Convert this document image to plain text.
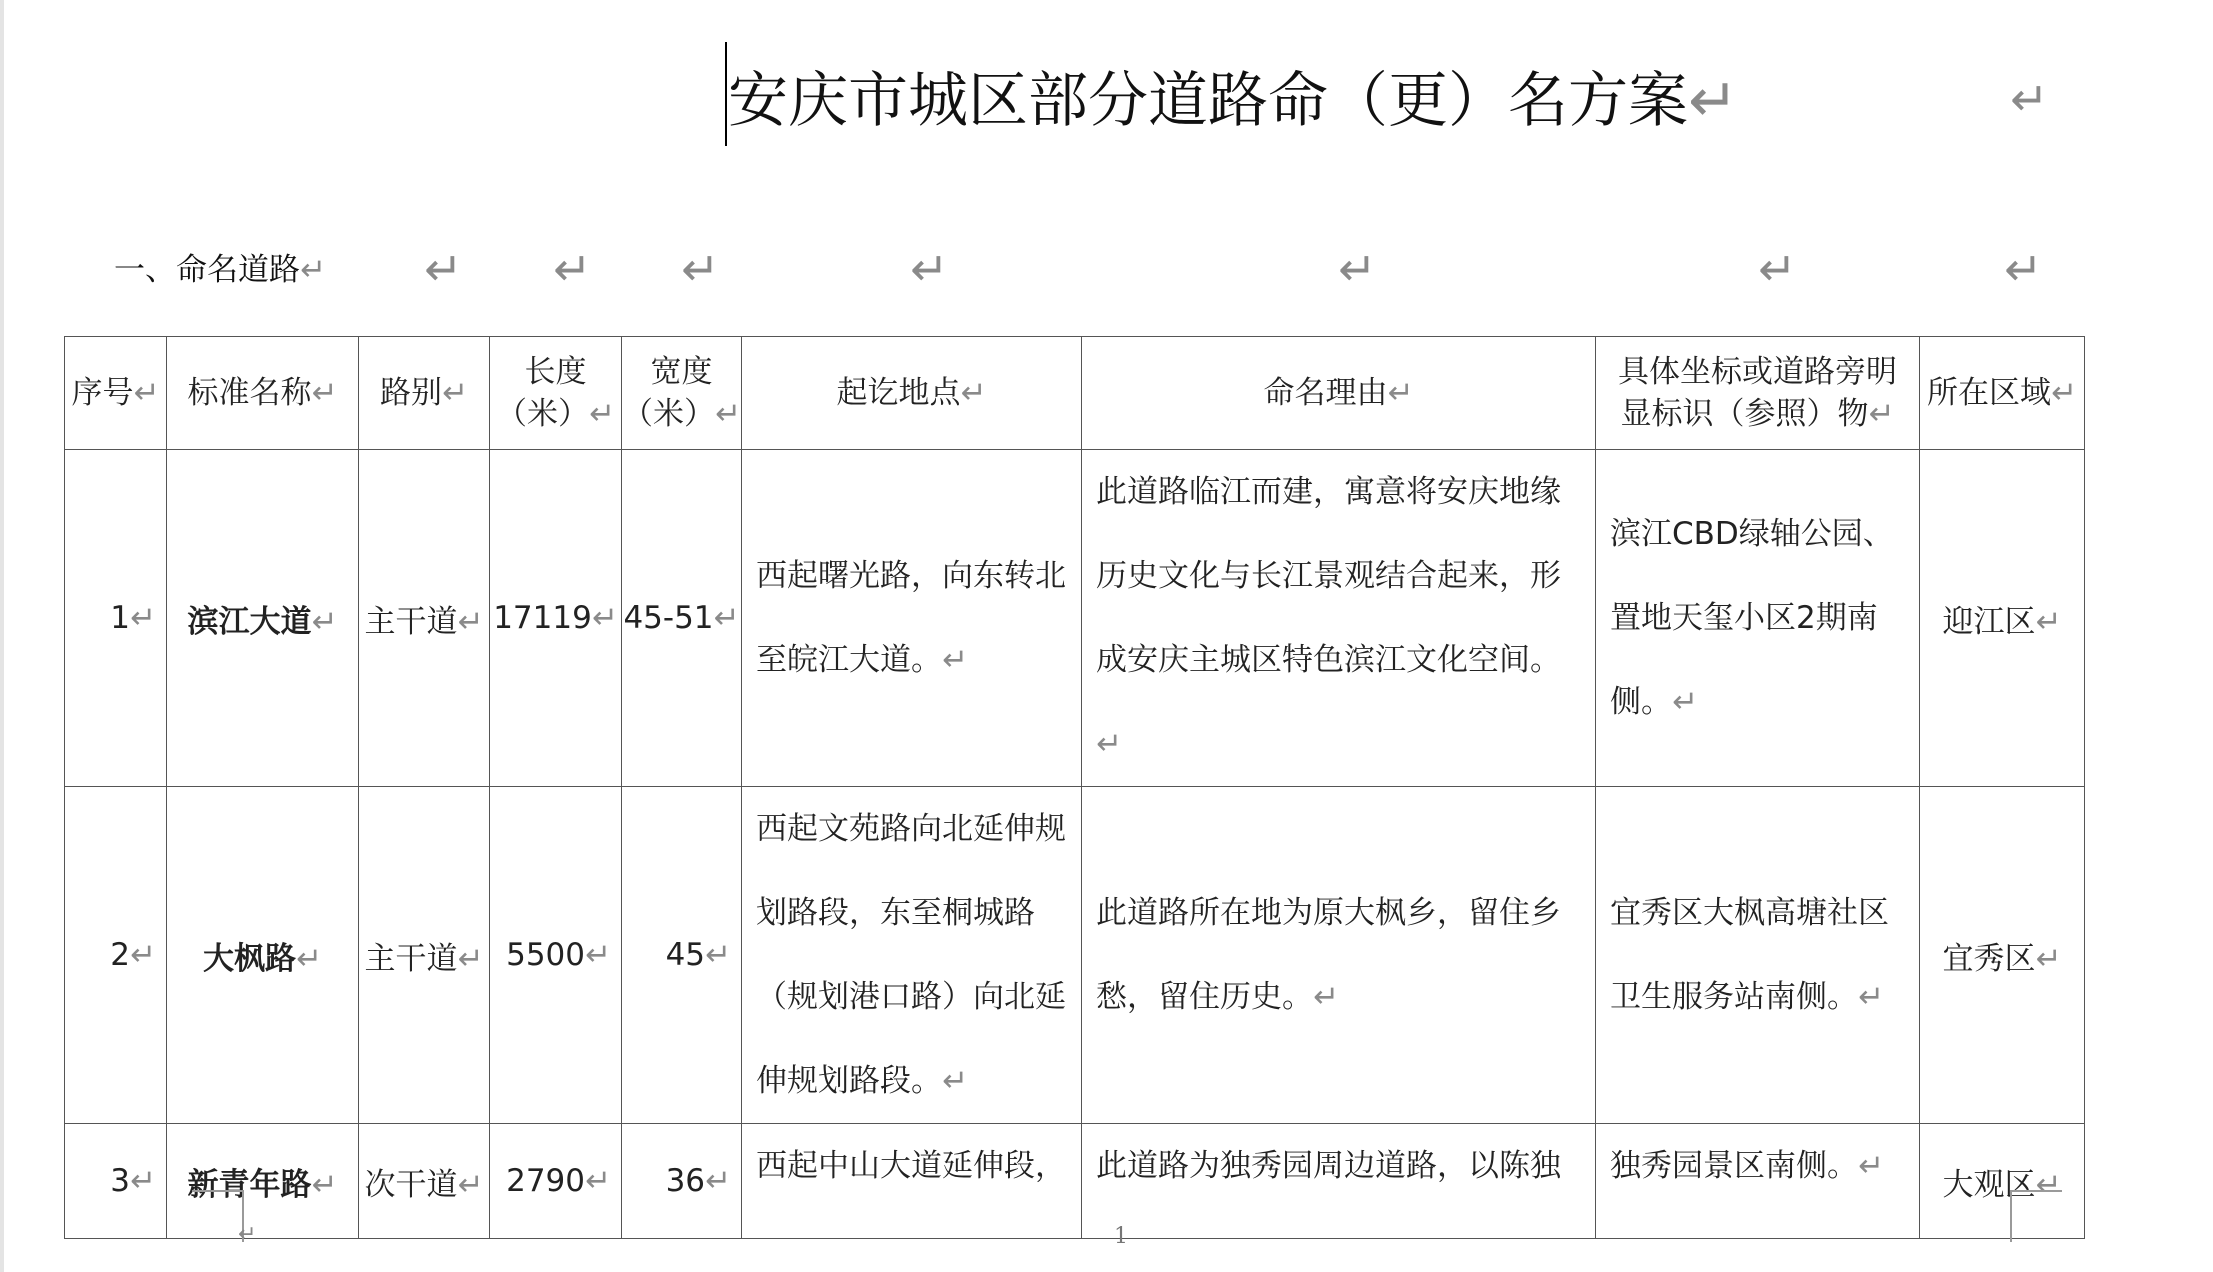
安庆市城区部分道路命（更）名方案↵	↵
一、命名道路↵ ↵ ↵ ↵	↵	↵	↵	↵
序号↵	标准名称↵	路别↵	长度
（米）↵	宽度
（米）↵	起讫地点↵	命名理由↵	具体坐标或道路旁明
显标识（参照）物↵	所在区域↵
1↵	滨江大道↵	主干道↵	17119↵	45-51↵	西起曙光路，向东转北至皖江大道。↵	此道路临江而建，寓意将安庆地缘历史文化与长江景观结合起来，形成安庆主城区特色滨江文化空间。↵	滨江CBD绿轴公园、置地天玺小区2期南侧。↵	迎江区↵
2↵	大枫路↵	主干道↵	5500↵	45↵	西起文苑路向北延伸规划路段，东至桐城路（规划港口路）向北延伸规划路段。↵	此道路所在地为原大枫乡，留住乡愁，留住历史。↵	宜秀区大枫高塘社区卫生服务站南侧。↵	宜秀区↵
3↵	新青年路↵	次干道↵	2790↵	36↵	西起中山大道延伸段，	此道路为独秀园周边道路，以陈独	独秀园景区南侧。↵	大观区↵
↵	1
